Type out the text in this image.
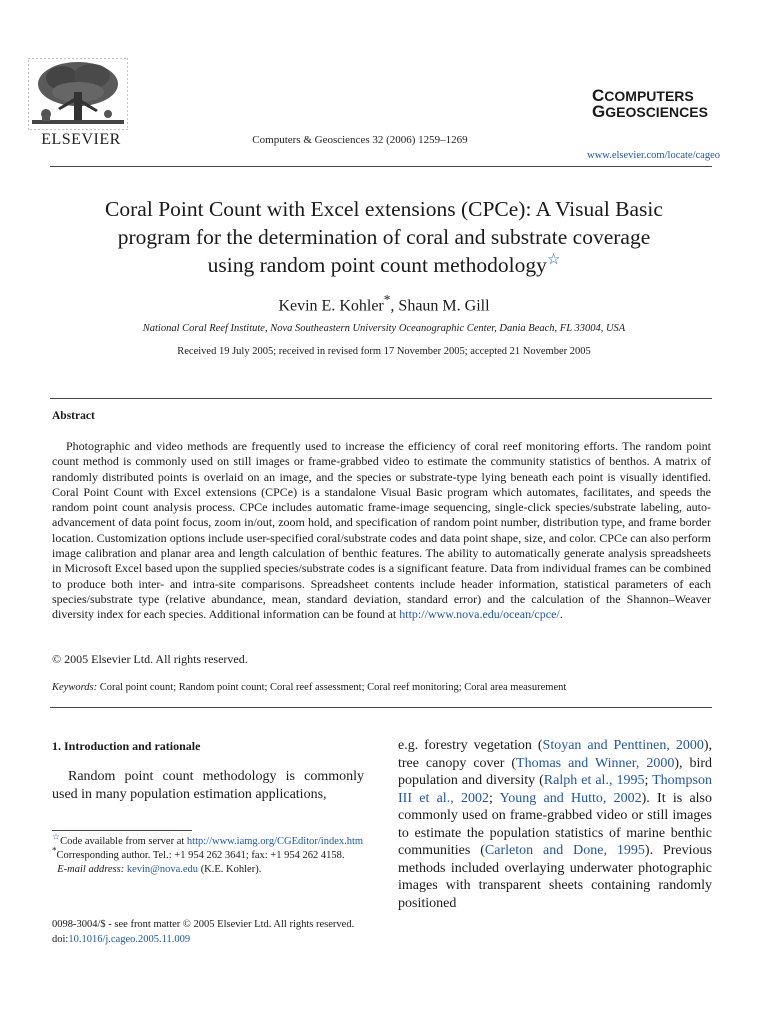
ELSEVIER	Computers & Geosciences 32 (2006) 1259–1269
CCOMPUTERS
GGEOSCIENCES
www.elsevier.com/locate/cageo
Coral Point Count with Excel extensions (CPCe): A Visual Basic
program for the determination of coral and substrate coverage
using random point count methodology☆
Kevin E. Kohler*, Shaun M. Gill
National Coral Reef Institute, Nova Southeastern University Oceanographic Center, Dania Beach, FL 33004, USA
Received 19 July 2005; received in revised form 17 November 2005; accepted 21 November 2005
Abstract
Photographic and video methods are frequently used to increase the efficiency of coral reef monitoring efforts. The random point count method is commonly used on still images or frame-grabbed video to estimate the community statistics of benthos. A matrix of randomly distributed points is overlaid on an image, and the species or substrate-type lying beneath each point is visually identified. Coral Point Count with Excel extensions (CPCe) is a standalone Visual Basic program which automates, facilitates, and speeds the random point count analysis process. CPCe includes automatic frame-image sequencing, single-click species/substrate labeling, auto-advancement of data point focus, zoom in/out, zoom hold, and specification of random point number, distribution type, and frame border location. Customization options include user-specified coral/substrate codes and data point shape, size, and color. CPCe can also perform image calibration and planar area and length calculation of benthic features. The ability to automatically generate analysis spreadsheets in Microsoft Excel based upon the supplied species/substrate codes is a significant feature. Data from individual frames can be combined to produce both inter- and intra-site comparisons. Spreadsheet contents include header information, statistical parameters of each species/substrate type (relative abundance, mean, standard deviation, standard error) and the calculation of the Shannon–Weaver diversity index for each species. Additional information can be found at http://www.nova.edu/ocean/cpce/.
© 2005 Elsevier Ltd. All rights reserved.
Keywords: Coral point count; Random point count; Coral reef assessment; Coral reef monitoring; Coral area measurement
1. Introduction and rationale
Random point count methodology is commonly used in many population estimation applications,
e.g. forestry vegetation (Stoyan and Penttinen, 2000), tree canopy cover (Thomas and Winner, 2000), bird population and diversity (Ralph et al., 1995; Thompson III et al., 2002; Young and Hutto, 2002). It is also commonly used on frame-grabbed video or still images to estimate the population statistics of marine benthic communities (Carleton and Done, 1995). Previous methods included overlaying underwater photographic images with transparent sheets containing randomly positioned
☆Code available from server at http://www.iamg.org/CGEditor/index.htm
*Corresponding author. Tel.: +1 954 262 3641; fax: +1 954 262 4158.
E-mail address: kevin@nova.edu (K.E. Kohler).
0098-3004/$ - see front matter © 2005 Elsevier Ltd. All rights reserved.
doi:10.1016/j.cageo.2005.11.009
